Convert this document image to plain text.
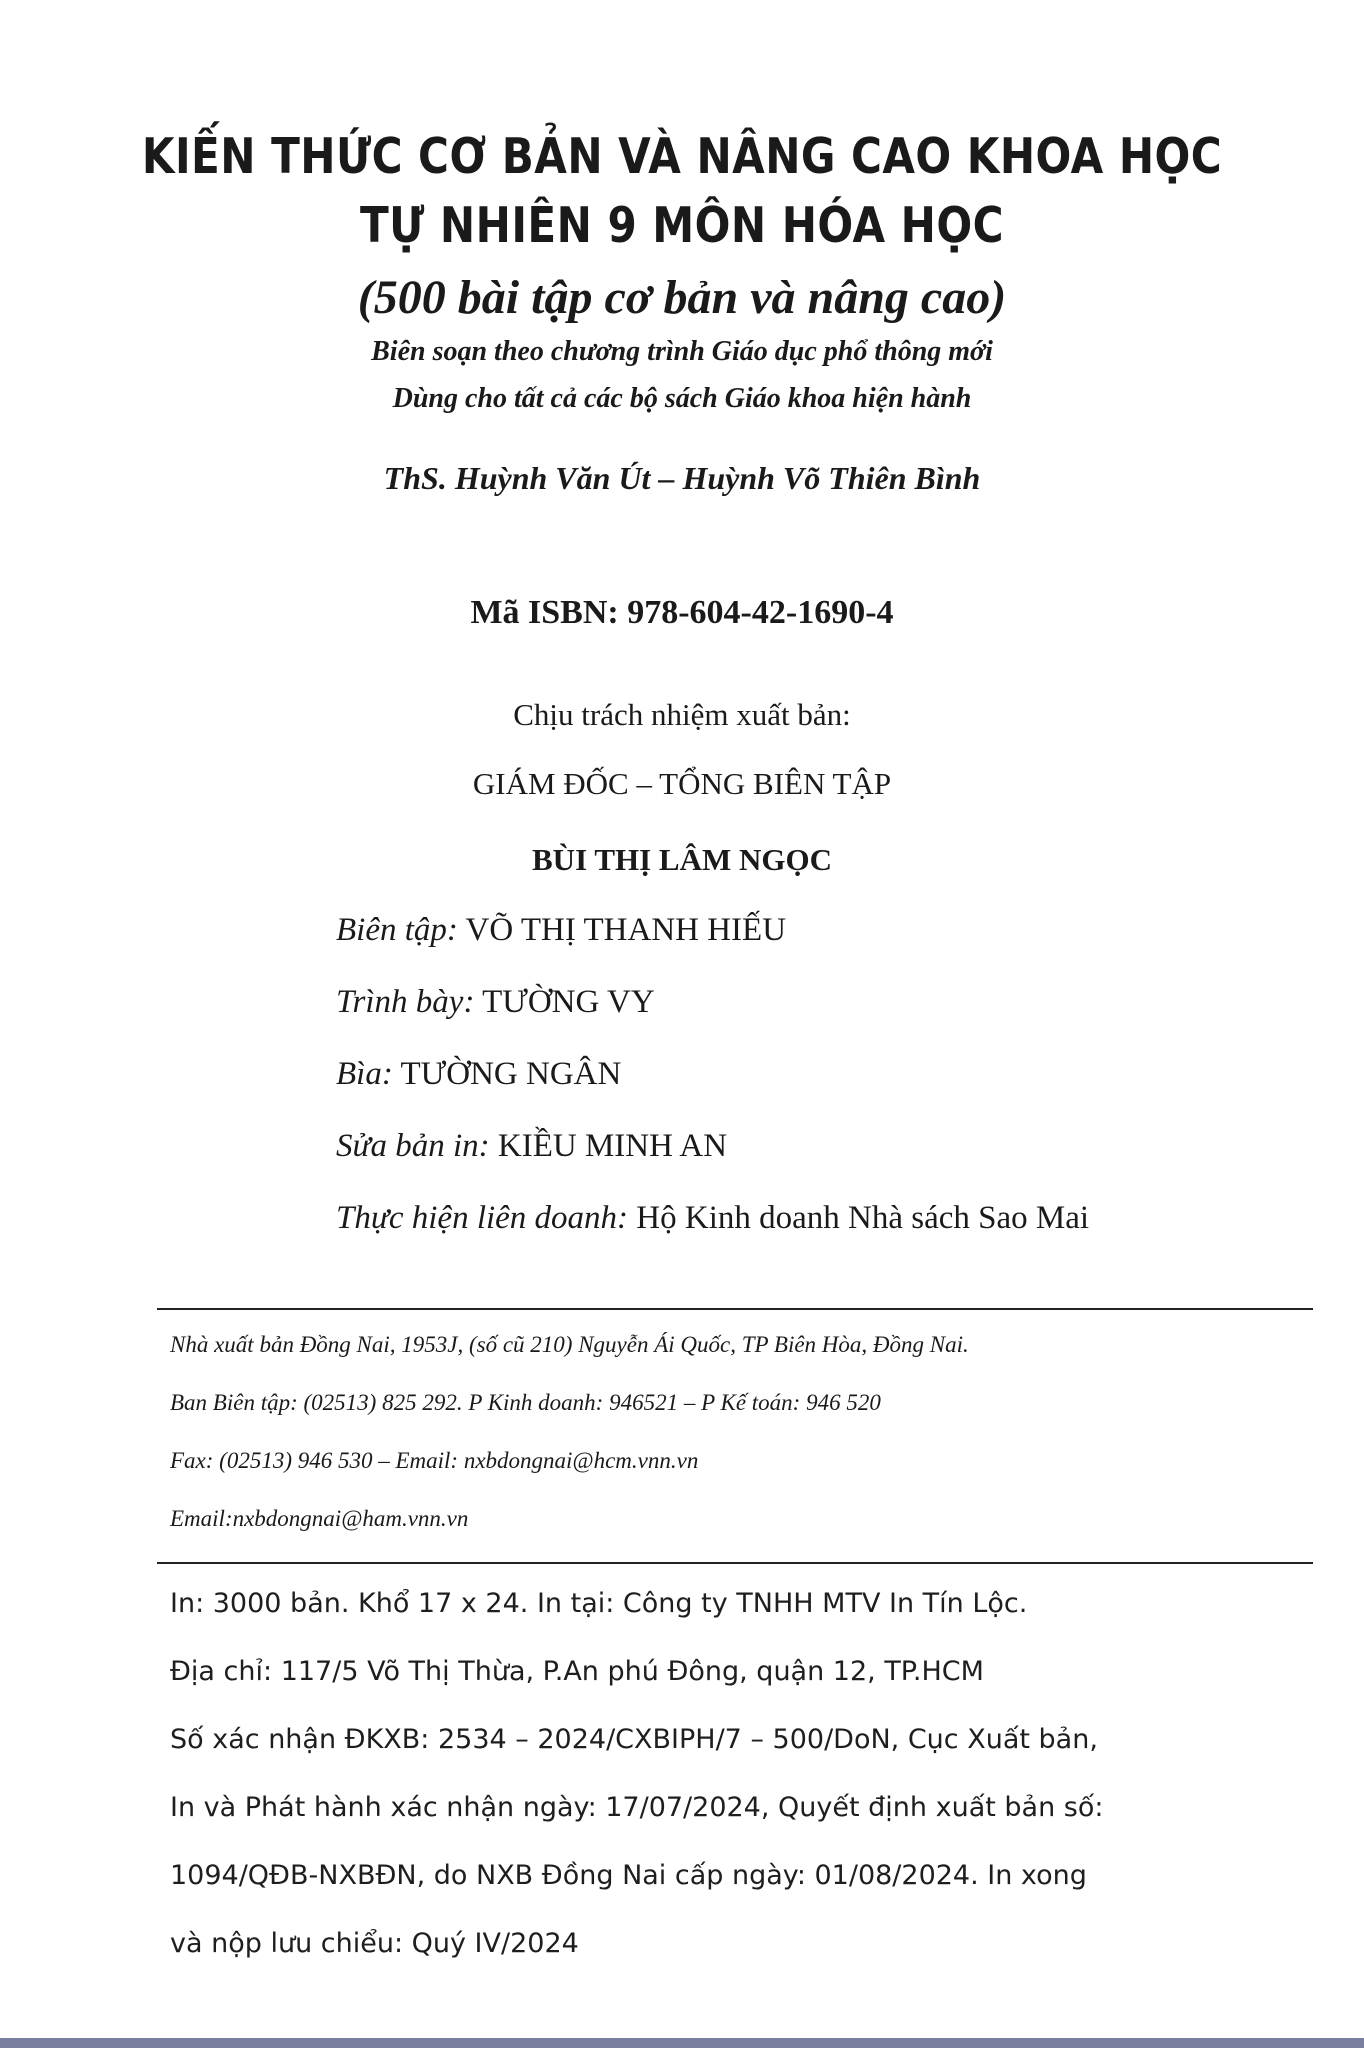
KIẾN THỨC CƠ BẢN VÀ NÂNG CAO KHOA HỌC
TỰ NHIÊN 9 MÔN HÓA HỌC
(500 bài tập cơ bản và nâng cao)
Biên soạn theo chương trình Giáo dục phổ thông mới
Dùng cho tất cả các bộ sách Giáo khoa hiện hành
ThS. Huỳnh Văn Út – Huỳnh Võ Thiên Bình
Mã ISBN: 978-604-42-1690-4
Chịu trách nhiệm xuất bản:
GIÁM ĐỐC – TỔNG BIÊN TẬP
BÙI THỊ LÂM NGỌC
Biên tập: VÕ THỊ THANH HIẾU
Trình bày: TƯỜNG VY
Bìa: TƯỜNG NGÂN
Sửa bản in: KIỀU MINH AN
Thực hiện liên doanh: Hộ Kinh doanh Nhà sách Sao Mai
Nhà xuất bản Đồng Nai, 1953J, (số cũ 210) Nguyễn Ái Quốc, TP Biên Hòa, Đồng Nai.
Ban Biên tập: (02513) 825 292. P Kinh doanh: 946521 – P Kế toán: 946 520
Fax: (02513) 946 530 – Email: nxbdongnai@hcm.vnn.vn
Email:nxbdongnai@ham.vnn.vn
In: 3000 bản. Khổ 17 x 24. In tại: Công ty TNHH MTV In Tín Lộc.
Địa chỉ: 117/5 Võ Thị Thừa, P.An phú Đông, quận 12, TP.HCM
Số xác nhận ĐKXB: 2534 – 2024/CXBIPH/7 – 500/DoN, Cục Xuất bản,
In và Phát hành xác nhận ngày: 17/07/2024, Quyết định xuất bản số:
1094/QĐB-NXBĐN, do NXB Đồng Nai cấp ngày: 01/08/2024. In xong
và nộp lưu chiểu: Quý IV/2024
